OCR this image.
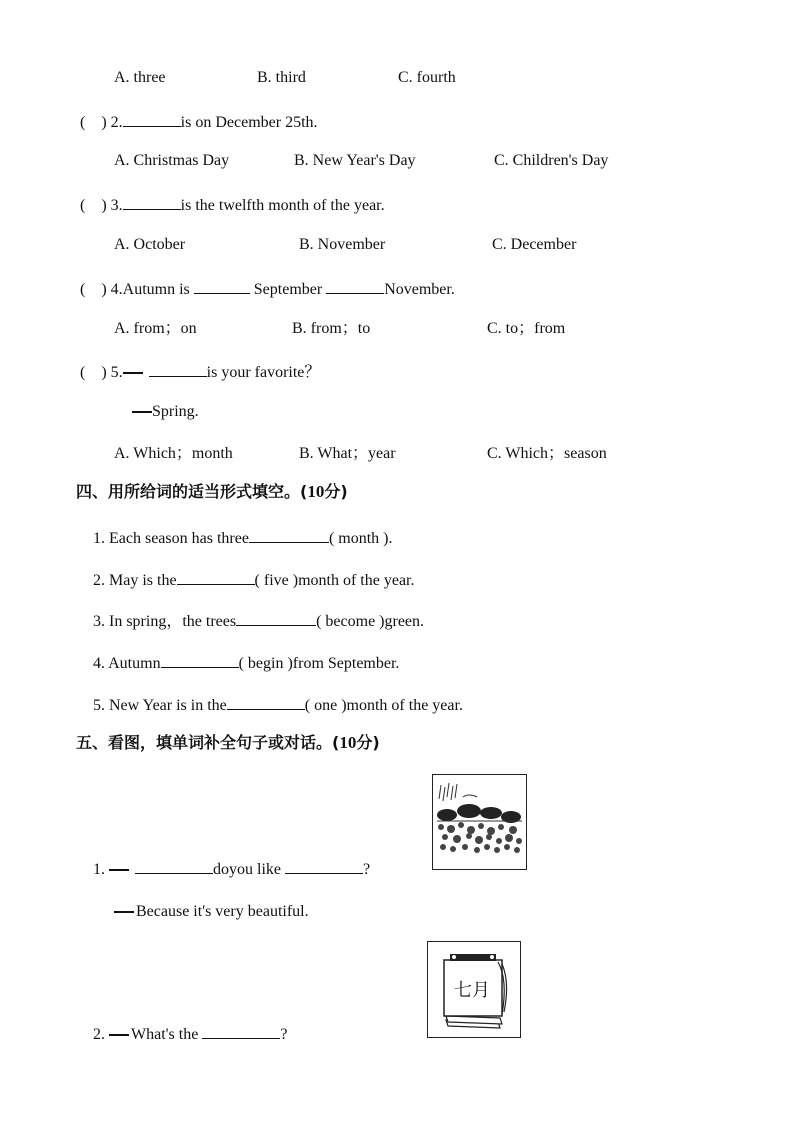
A. three	B. third	C. fourth
(    ) 2.	is on December 25th.
A. Christmas Day	B. New Year's Day	C. Children's Day
(    ) 3.	is the twelfth month of the year.
A. October	B. November	C. December
(    ) 4.Autumn is	September	November.
A. from；on	B. from；to	C. to；from
(    ) 5.	is your favorite？
Spring.
A. Which；month	B. What；year	C. Which；season
四、用所给词的适当形式填空。(10分)
1. Each season has three	( month ).
2. May is the	( five )month of the year.
3. In spring，the trees	( become )green.
4. Autumn	( begin )from September.
5. New Year is in the	( one )month of the year.
五、看图，填单词补全句子或对话。(10分)
1.	doyou like	?
Because it's very beautiful.
七月
2. What's the	?
